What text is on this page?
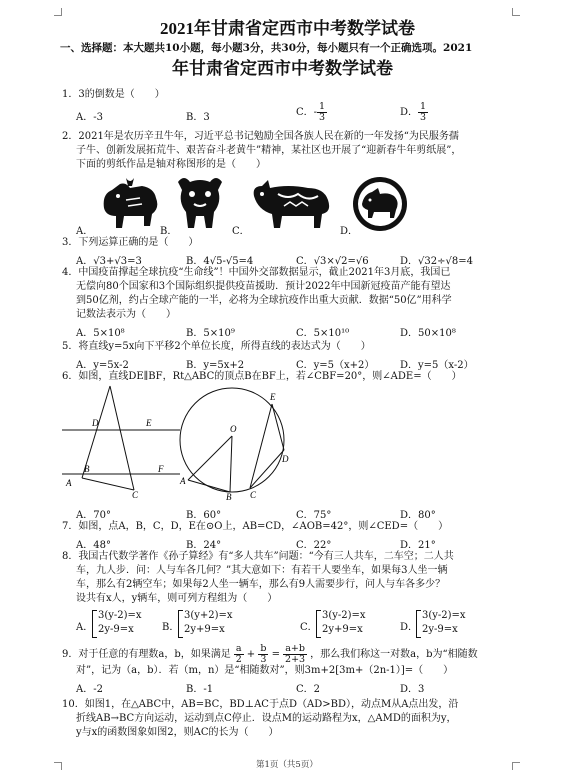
2021年甘肃省定西市中考数学试卷
一、选择题：本大题共10小题，每小题3分，共30分，每小题只有一个正确选项。2021
年甘肃省定西市中考数学试卷
1．3的倒数是（　　）
A．-3	B．3	C．- $\frac{1}{3}$	D． $\frac{1}{3}$
2．2021年是农历辛丑牛年，习近平总书记勉励全国各族人民在新的一年发扬“为民服务孺
子牛、创新发展拓荒牛、艰苦奋斗老黄牛”精神，某社区也开展了“迎新春牛年剪纸展”，
下面的剪纸作品是轴对称图形的是（　　）
A．	B．	C．	D．
3．下列运算正确的是（　　）
A．√3+√3=3	B．4√5-√5=4	C．√3×√2=√6	D．√32÷√8=4
4．中国疫苗撑起全球抗疫“生命线”！中国外交部数据显示，截止2021年3月底，我国已
无偿向80个国家和3个国际组织提供疫苗援助．预计2022年中国新冠疫苗产能有望达
到50亿剂，约占全球产能的一半，必将为全球抗疫作出重大贡献．数据“50亿”用科学
记数法表示为（　　）
A．5×10⁸	B．5×10⁹	C．5×10¹⁰	D．50×10⁸
5．将直线y=5x向下平移2个单位长度，所得直线的表达式为（　　）
A．y=5x-2	B．y=5x+2	C．y=5（x+2）	D．y=5（x-2）
6．如图，直线DE∥BF，Rt△ABC的顶点B在BF上，若∠CBF=20°，则∠ADE=（　　）
D	E
B	F
A
C
O
A
B C
D
E
A．70°	B．60°	C．75°	D．80°
7．如图，点A，B，C，D，E在⊙O上，AB=CD，∠AOB=42°，则∠CED=（　　）
A．48°	B．24°	C．22°	D．21°
8．我国古代数学著作《孙子算经》有“多人共车”问题：“今有三人共车，二车空；二人共
车，九人步．问：人与车各几何？”其大意如下：有若干人要坐车，如果每3人坐一辆
车，那么有2辆空车；如果每2人坐一辆车，那么有9人需要步行，问人与车各多少？
设共有x人，y辆车，则可列方程组为（　　）
A．
3(y-2)=x
2y-9=x	B．
3(y+2)=x
2y+9=x	C．
3(y-2)=x
2y+9=x	D．
3(y-2)=x
2y-9=x
9．对于任意的有理数a，b，如果满足 $\frac{a}{2} + \frac{b}{3} = \frac{a+b}{2+3}$ ，那么我们称这一对数a，b为“相随数
对”，记为（a，b）．若（m，n）是“相随数对”，则3m+2[3m+（2n-1）]=（　　）
A．-2	B．-1	C．2	D．3
10．如图1，在△ABC中，AB=BC，BD⊥AC于点D（AD>BD），动点M从A点出发，沿
折线AB→BC方向运动，运动到点C停止．设点M的运动路程为x，△AMD的面积为y，
y与x的函数图象如图2，则AC的长为（　　）
第1页（共5页）
